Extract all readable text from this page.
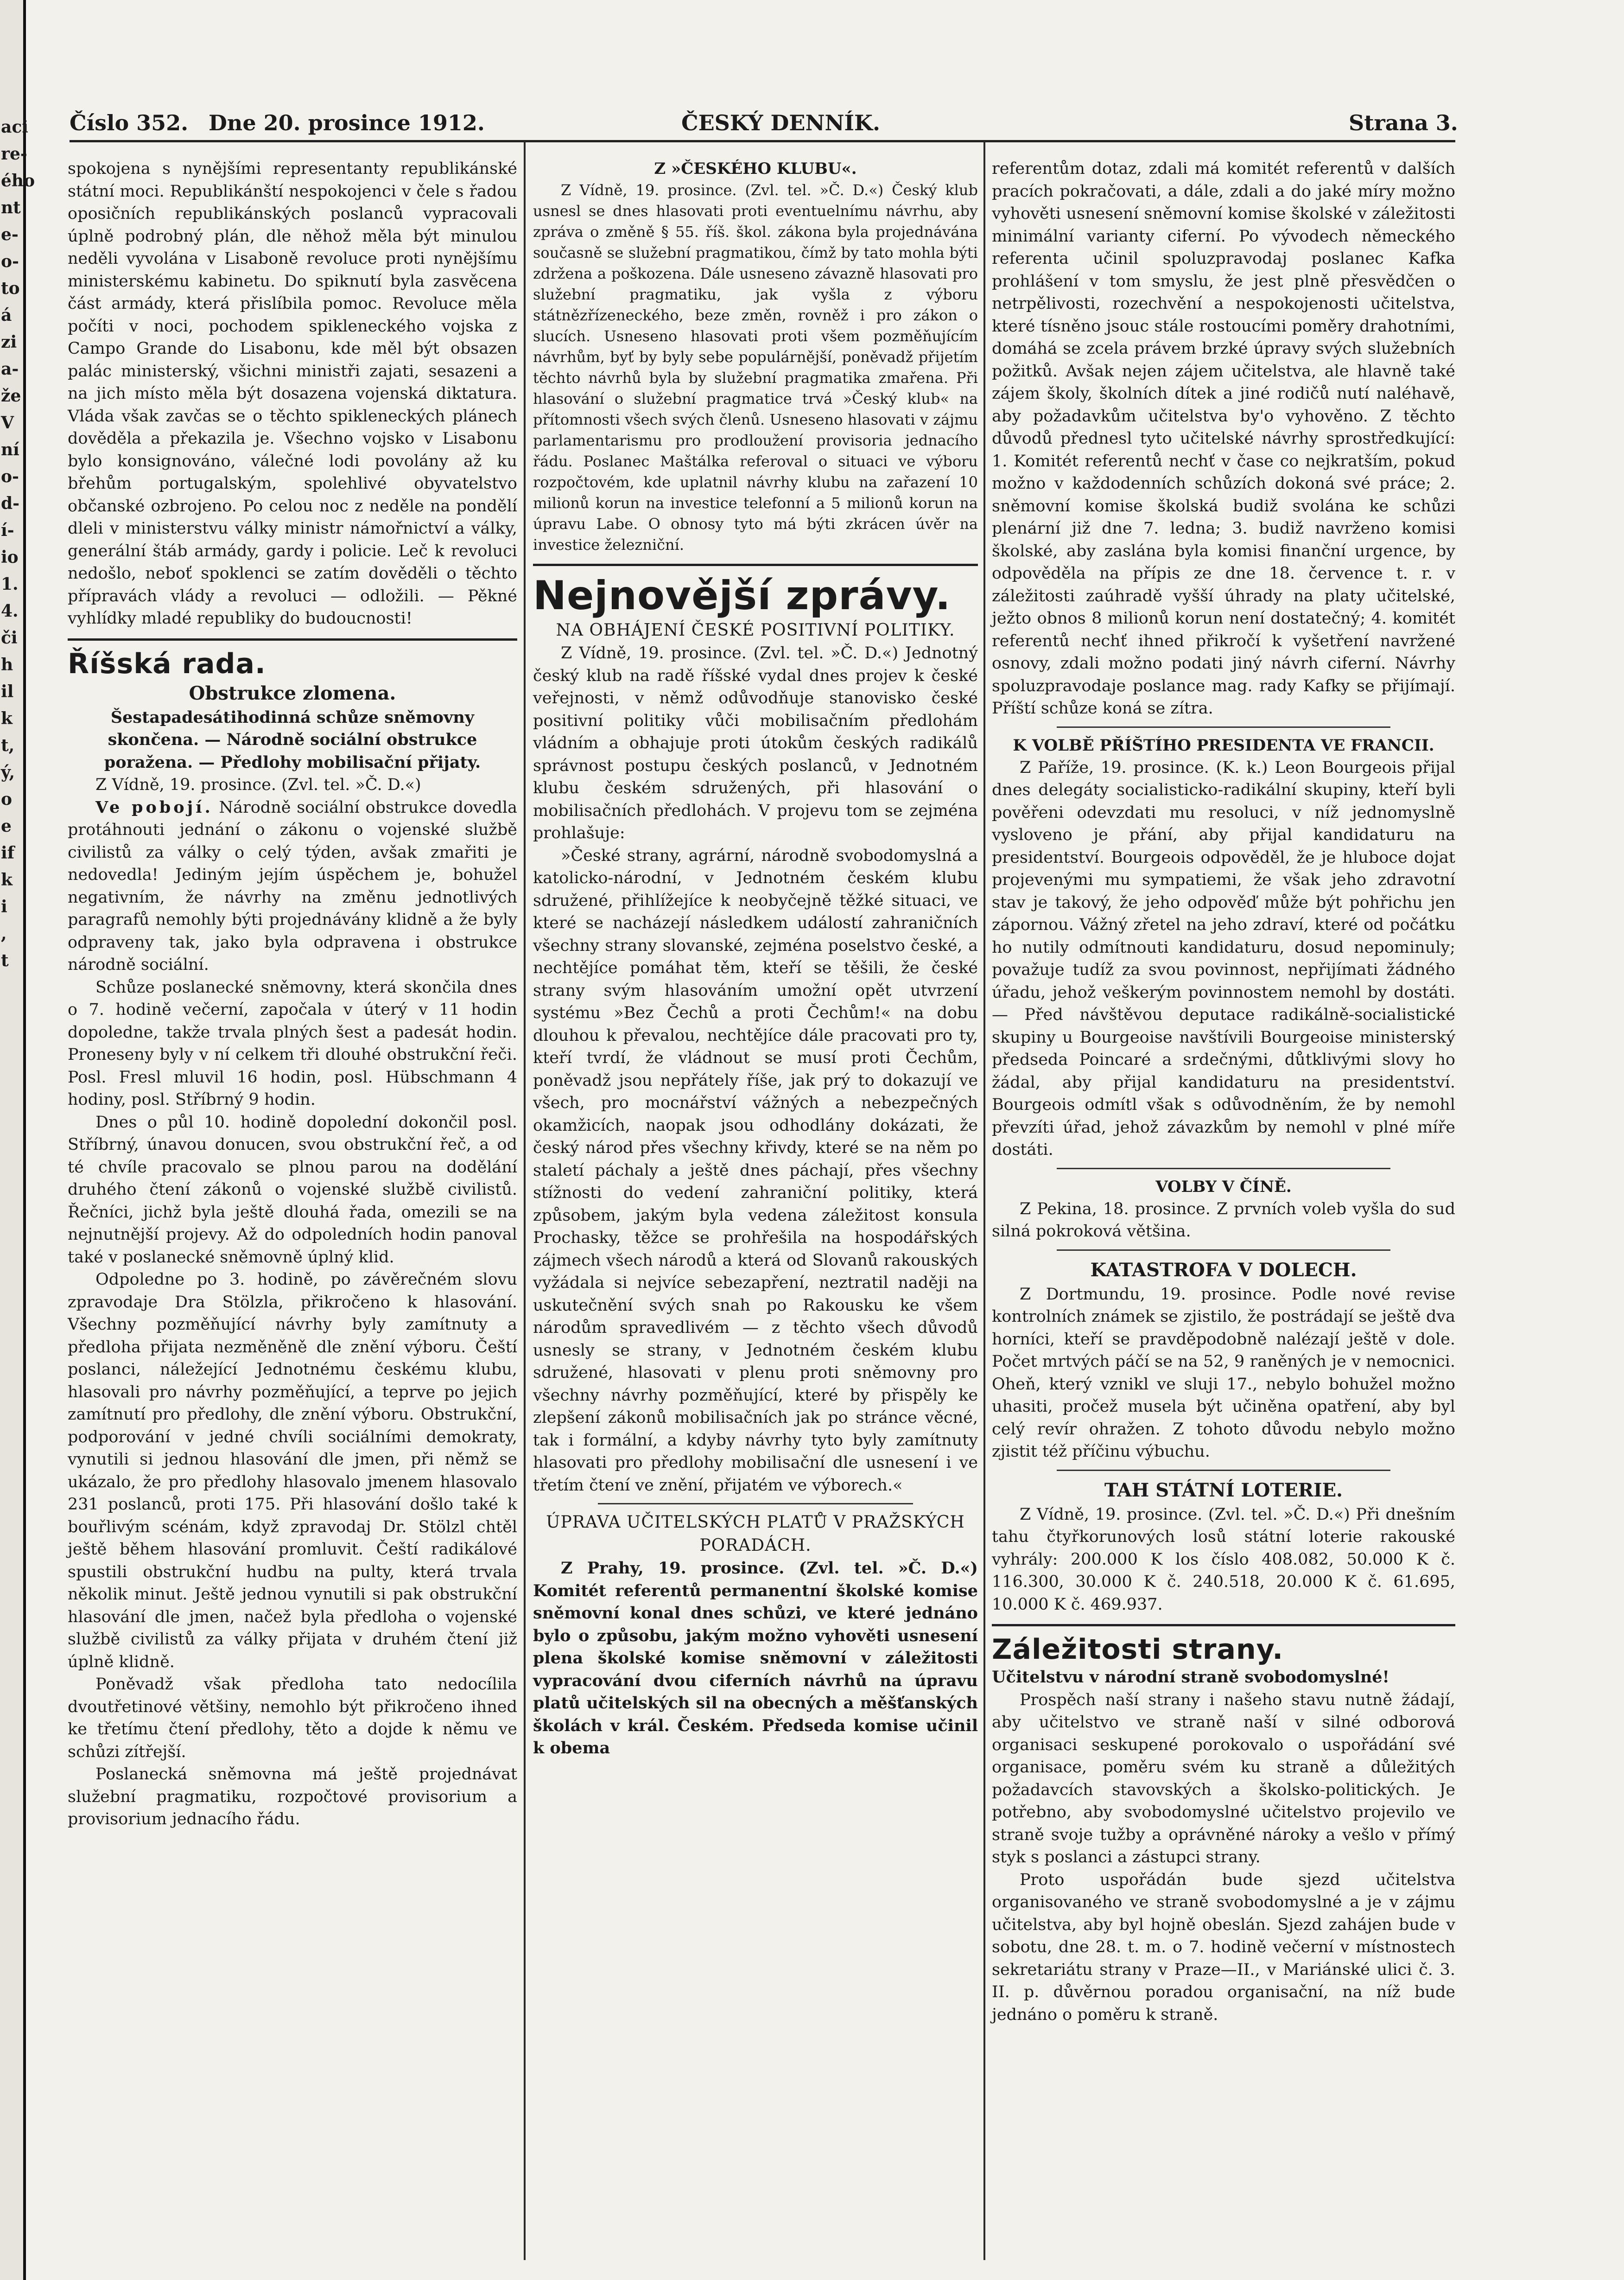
aci
re-
ého
nt
e-
o-
to
á
zi
a-
že
V
ní
o-
d-
í-
io
1.
4.
či
h
il
k
t,
ý,
o
e
if
k
i
,
t
Číslo 352. Dne 20. prosince 1912.	ČESKÝ DENNÍK.	Strana 3.

spokojena s nynějšími representanty republikánské státní moci. Republikánští nespokojenci v čele s řadou oposičních republikánských poslanců vypracovali úplně podrobný plán, dle něhož měla být minulou neděli vyvolána v Lisaboně revoluce proti nynějšímu ministerskému kabinetu. Do spiknutí byla zasvěcena část armády, která přislíbila pomoc. Revoluce měla počíti v noci, pochodem spikleneckého vojska z Campo Grande do Lisabonu, kde měl být obsazen palác ministerský, všichni ministři zajati, sesazeni a na jich místo měla být dosazena vojenská diktatura. Vláda však zavčas se o těchto spikleneckých plánech dověděla a překazila je. Všechno vojsko v Lisabonu bylo konsignováno, válečné lodi povolány až ku břehům portugalským, spolehlivé obyvatelstvo občanské ozbrojeno. Po celou noc z neděle na pondělí dleli v ministerstvu války ministr námořnictví a války, generální štáb armády, gardy i policie. Leč k revoluci nedošlo, neboť spoklenci se zatím dověděli o těchto přípravách vlády a revoluci — odložili. — Pěkné vyhlídky mladé republiky do budoucnosti!

Říšská rada.
Obstrukce zlomena.

Šestapadesátihodinná schůze sněmovny skončena. — Národně sociální obstrukce poražena. — Předlohy mobilisační přijaty.

Z Vídně, 19. prosince. (Zvl. tel. »Č. D.«)

Ve pobojí. Národně sociální obstrukce dovedla protáhnouti jednání o zákonu o vojenské službě civilistů za války o celý týden, avšak zmařiti je nedovedla! Jediným jejím úspěchem je, bohužel negativním, že návrhy na změnu jednotlivých paragrafů nemohly býti projednávány klidně a že byly odpraveny tak, jako byla odpravena i obstrukce národně sociální.

Schůze poslanecké sněmovny, která skončila dnes o 7. hodině večerní, započala v úterý v 11 hodin dopoledne, takže trvala plných šest a padesát hodin. Proneseny byly v ní celkem tři dlouhé obstrukční řeči. Posl. Fresl mluvil 16 hodin, posl. Hübschmann 4 hodiny, posl. Stříbrný 9 hodin.

Dnes o půl 10. hodině dopolední dokončil posl. Stříbrný, únavou donucen, svou obstrukční řeč, a od té chvíle pracovalo se plnou parou na dodělání druhého čtení zákonů o vojenské službě civilistů. Řečníci, jichž byla ještě dlouhá řada, omezili se na nejnutnější projevy. Až do odpoledních hodin panoval také v poslanecké sněmovně úplný klid.

Odpoledne po 3. hodině, po závěrečném slovu zpravodaje Dra Stölzla, přikročeno k hlasování. Všechny pozměňující návrhy byly zamítnuty a předloha přijata nezměněně dle znění výboru. Čeští poslanci, náležející Jednotnému českému klubu, hlasovali pro návrhy pozměňující, a teprve po jejich zamítnutí pro předlohy, dle znění výboru. Obstrukční, podporování v jedné chvíli sociálními demokraty, vynutili si jednou hlasování dle jmen, při němž se ukázalo, že pro předlohy hlasovalo jmenem hlasovalo 231 poslanců, proti 175. Při hlasování došlo také k bouřlivým scénám, když zpravodaj Dr. Stölzl chtěl ještě během hlasování promluvit. Čeští radikálové spustili obstrukční hudbu na pulty, která trvala několik minut. Ještě jednou vynutili si pak obstrukční hlasování dle jmen, načež byla předloha o vojenské službě civilistů za války přijata v druhém čtení již úplně klidně.

Poněvadž však předloha tato nedocílila dvoutřetinové většiny, nemohlo být přikročeno ihned ke třetímu čtení předlohy, těto a dojde k němu ve schůzi zítřejší.

Poslanecká sněmovna má ještě projednávat služební pragmatiku, rozpočtové provisorium a provisorium jednacího řádu.

Z »ČESKÉHO KLUBU«.

Z Vídně, 19. prosince. (Zvl. tel. »Č. D.«) Český klub usnesl se dnes hlasovati proti eventuelnímu návrhu, aby zpráva o změně § 55. říš. škol. zákona byla projednávána současně se služební pragmatikou, čímž by tato mohla býti zdržena a poškozena. Dále usneseno závazně hlasovati pro služební pragmatiku, jak vyšla z výboru státnězřízeneckého, beze změn, rovněž i pro zákon o slucích. Usneseno hlasovati proti všem pozměňujícím návrhům, byť by byly sebe populárnější, poněvadž přijetím těchto návrhů byla by služební pragmatika zmařena. Při hlasování o služební pragmatice trvá »Český klub« na přítomnosti všech svých členů. Usneseno hlasovati v zájmu parlamentarismu pro prodloužení provisoria jednacího řádu. Poslanec Maštálka referoval o situaci ve výboru rozpočtovém, kde uplatnil návrhy klubu na zařazení 10 milionů korun na investice telefonní a 5 milionů korun na úpravu Labe. O obnosy tyto má býti zkrácen úvěr na investice železniční.

Nejnovější zprávy.

NA OBHÁJENÍ ČESKÉ POSITIVNÍ POLITIKY.

Z Vídně, 19. prosince. (Zvl. tel. »Č. D.«) Jednotný český klub na radě říšské vydal dnes projev k české veřejnosti, v němž odůvodňuje stanovisko české positivní politiky vůči mobilisačním předlohám vládním a obhajuje proti útokům českých radikálů správnost postupu českých poslanců, v Jednotném klubu českém sdružených, při hlasování o mobilisačních předlohách. V projevu tom se zejména prohlašuje:

»České strany, agrární, národně svobodomyslná a katolicko-národní, v Jednotném českém klubu sdružené, přihlížejíce k neobyčejně těžké situaci, ve které se nacházejí následkem událostí zahraničních všechny strany slovanské, zejména poselstvo české, a nechtějíce pomáhat těm, kteří se těšili, že české strany svým hlasováním umožní opět utvrzení systému »Bez Čechů a proti Čechům!« na dobu dlouhou k převalou, nechtějíce dále pracovati pro ty, kteří tvrdí, že vládnout se musí proti Čechům, poněvadž jsou nepřátely říše, jak prý to dokazují ve všech, pro mocnářství vážných a nebezpečných okamžicích, naopak jsou odhodlány dokázati, že český národ přes všechny křivdy, které se na něm po staletí páchaly a ještě dnes páchají, přes všechny stížnosti do vedení zahraniční politiky, která způsobem, jakým byla vedena záležitost konsula Prochasky, těžce se prohřešila na hospodářských zájmech všech národů a která od Slovanů rakouských vyžádala si nejvíce sebezapření, neztratil naději na uskutečnění svých snah po Rakousku ke všem národům spravedlivém — z těchto všech důvodů usnesly se strany, v Jednotném českém klubu sdružené, hlasovati v plenu proti sněmovny pro všechny návrhy pozměňující, které by přispěly ke zlepšení zákonů mobilisačních jak po stránce věcné, tak i formální, a kdyby návrhy tyto byly zamítnuty hlasovati pro předlohy mobilisační dle usnesení i ve třetím čtení ve znění, přijatém ve výborech.«

ÚPRAVA UČITELSKÝCH PLATŮ V PRAŽSKÝCH PORADÁCH.

Z Prahy, 19. prosince. (Zvl. tel. »Č. D.«) Komitét referentů permanentní školské komise sněmovní konal dnes schůzi, ve které jednáno bylo o způsobu, jakým možno vyhověti usnesení plena školské komise sněmovní v záležitosti vypracování dvou ciferních návrhů na úpravu platů učitelských sil na obecných a měšťanských školách v král. Českém. Předseda komise učinil k obema

referentům dotaz, zdali má komitét referentů v dalších pracích pokračovati, a dále, zdali a do jaké míry možno vyhověti usnesení sněmovní komise školské v záležitosti minimální varianty ciferní. Po vývodech německého referenta učinil spoluzpravodaj poslanec Kafka prohlášení v tom smyslu, že jest plně přesvědčen o netrpělivosti, rozechvění a nespokojenosti učitelstva, které tísněno jsouc stále rostoucími poměry drahotními, domáhá se zcela právem brzké úpravy svých služebních požitků. Avšak nejen zájem učitelstva, ale hlavně také zájem školy, školních dítek a jiné rodičů nutí naléhavě, aby požadavkům učitelstva by'o vyhověno. Z těchto důvodů přednesl tyto učitelské návrhy sprostředkující: 1. Komitét referentů nechť v čase co nejkratším, pokud možno v každodenních schůzích dokoná své práce; 2. sněmovní komise školská budiž svolána ke schůzi plenární již dne 7. ledna; 3. budiž navrženo komisi školské, aby zaslána byla komisi finanční urgence, by odpověděla na přípis ze dne 18. července t. r. v záležitosti zaúhradě vyšší úhrady na platy učitelské, ježto obnos 8 milionů korun není dostatečný; 4. komitét referentů nechť ihned přikročí k vyšetření navržené osnovy, zdali možno podati jiný návrh ciferní. Návrhy spoluzpravodaje poslance mag. rady Kafky se přijímají. Příští schůze koná se zítra.

K VOLBĚ PŘÍŠTÍHO PRESIDENTA VE FRANCII.

Z Paříže, 19. prosince. (K. k.) Leon Bourgeois přijal dnes delegáty socialisticko-radikální skupiny, kteří byli pověřeni odevzdati mu resoluci, v níž jednomyslně vysloveno je přání, aby přijal kandidaturu na presidentství. Bourgeois odpověděl, že je hluboce dojat projevenými mu sympatiemi, že však jeho zdravotní stav je takový, že jeho odpověď může být pohřichu jen zápornou. Vážný zřetel na jeho zdraví, které od počátku ho nutily odmítnouti kandidaturu, dosud nepominuly; považuje tudíž za svou povinnost, nepřijímati žádného úřadu, jehož veškerým povinnostem nemohl by dostáti. — Před návštěvou deputace radikálně-socialistické skupiny u Bourgeoise navštívili Bourgeoise ministerský předseda Poincaré a srdečnými, důtklivými slovy ho žádal, aby přijal kandidaturu na presidentství. Bourgeois odmítl však s odůvodněním, že by nemohl převzíti úřad, jehož závazkům by nemohl v plné míře dostáti.

VOLBY V ČÍNĚ.

Z Pekina, 18. prosince. Z prvních voleb vyšla do sud silná pokroková většina.

KATASTROFA V DOLECH.

Z Dortmundu, 19. prosince. Podle nové revise kontrolních známek se zjistilo, že postrádají se ještě dva horníci, kteří se pravděpodobně nalézají ještě v dole. Počet mrtvých páčí se na 52, 9 raněných je v nemocnici. Oheň, který vznikl ve sluji 17., nebylo bohužel možno uhasiti, pročež musela být učiněna opatření, aby byl celý revír ohražen. Z tohoto důvodu nebylo možno zjistit též příčinu výbuchu.

TAH STÁTNÍ LOTERIE.

Z Vídně, 19. prosince. (Zvl. tel. »Č. D.«) Při dnešním tahu čtyřkorunových losů státní loterie rakouské vyhrály: 200.000 K los číslo 408.082, 50.000 K č. 116.300, 30.000 K č. 240.518, 20.000 K č. 61.695, 10.000 K č. 469.937.

Záležitosti strany.

Učitelstvu v národní straně svobodomyslné!

Prospěch naší strany i našeho stavu nutně žádají, aby učitelstvo ve straně naší v silné odborová organisaci seskupené porokovalo o uspořádání své organisace, poměru svém ku straně a důležitých požadavcích stavovských a školsko-politických. Je potřebno, aby svobodomyslné učitelstvo projevilo ve straně svoje tužby a oprávněné nároky a vešlo v přímý styk s poslanci a zástupci strany.

Proto uspořádán bude sjezd učitelstva organisovaného ve straně svobodomyslné a je v zájmu učitelstva, aby byl hojně obeslán. Sjezd zahájen bude v sobotu, dne 28. t. m. o 7. hodině večerní v místnostech sekretariátu strany v Praze—II., v Mariánské ulici č. 3. II. p. důvěrnou poradou organisační, na níž bude jednáno o poměru k straně.
